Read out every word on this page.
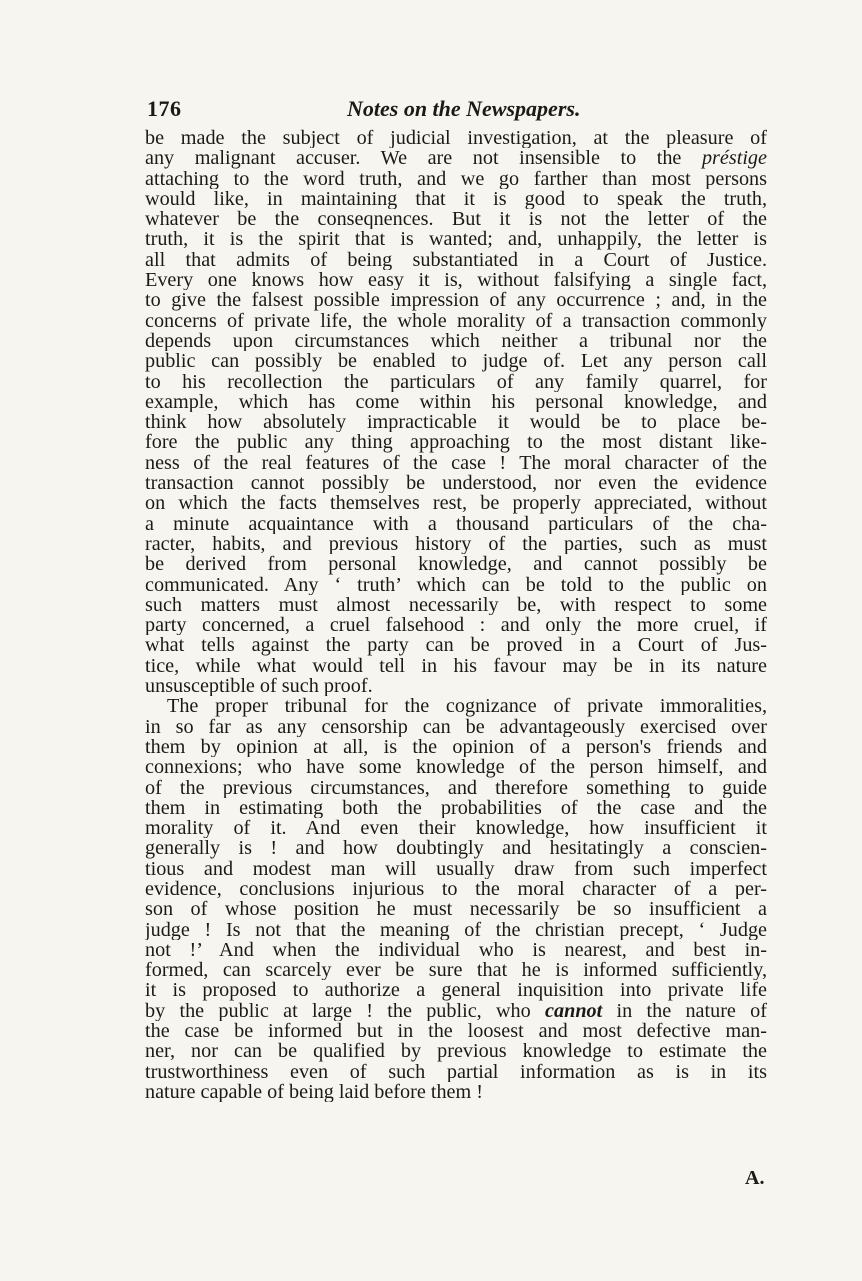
176	Notes on the Newspapers.
be made the subject of judicial investigation, at the pleasure of
any malignant accuser. We are not insensible to the préstige
attaching to the word truth, and we go farther than most persons
would like, in maintaining that it is good to speak the truth,
whatever be the conseqnences. But it is not the letter of the
truth, it is the spirit that is wanted; and, unhappily, the letter is
all that admits of being substantiated in a Court of Justice.
Every one knows how easy it is, without falsifying a single fact,
to give the falsest possible impression of any occurrence ; and, in the
concerns of private life, the whole morality of a transaction commonly
depends upon circumstances which neither a tribunal nor the
public can possibly be enabled to judge of. Let any person call
to his recollection the particulars of any family quarrel, for
example, which has come within his personal knowledge, and
think how absolutely impracticable it would be to place be-
fore the public any thing approaching to the most distant like-
ness of the real features of the case ! The moral character of the
transaction cannot possibly be understood, nor even the evidence
on which the facts themselves rest, be properly appreciated, without
a minute acquaintance with a thousand particulars of the cha-
racter, habits, and previous history of the parties, such as must
be derived from personal knowledge, and cannot possibly be
communicated. Any ‘ truth’ which can be told to the public on
such matters must almost necessarily be, with respect to some
party concerned, a cruel falsehood : and only the more cruel, if
what tells against the party can be proved in a Court of Jus-
tice, while what would tell in his favour may be in its nature
unsusceptible of such proof.
The proper tribunal for the cognizance of private immoralities,
in so far as any censorship can be advantageously exercised over
them by opinion at all, is the opinion of a person's friends and
connexions; who have some knowledge of the person himself, and
of the previous circumstances, and therefore something to guide
them in estimating both the probabilities of the case and the
morality of it. And even their knowledge, how insufficient it
generally is ! and how doubtingly and hesitatingly a conscien-
tious and modest man will usually draw from such imperfect
evidence, conclusions injurious to the moral character of a per-
son of whose position he must necessarily be so insufficient a
judge ! Is not that the meaning of the christian precept, ‘ Judge
not !’ And when the individual who is nearest, and best in-
formed, can scarcely ever be sure that he is informed sufficiently,
it is proposed to authorize a general inquisition into private life
by the public at large ! the public, who cannot in the nature of
the case be informed but in the loosest and most defective man-
ner, nor can be qualified by previous knowledge to estimate the
trustworthiness even of such partial information as is in its
nature capable of being laid before them !
A.
